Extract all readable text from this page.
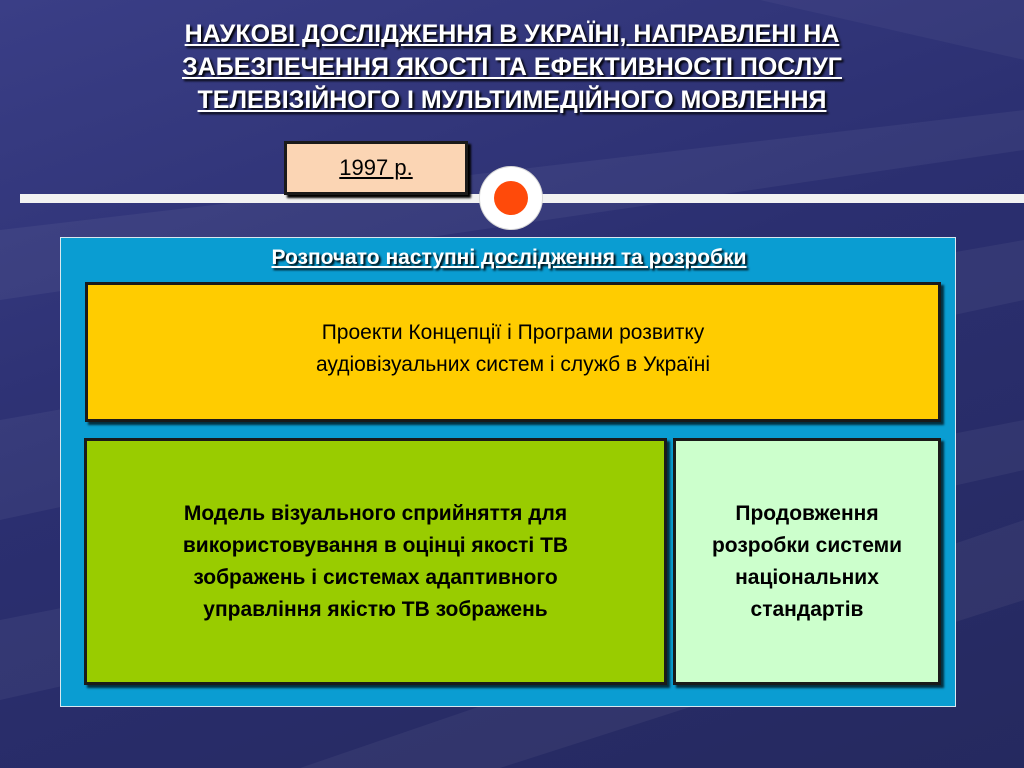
НАУКОВІ ДОСЛІДЖЕННЯ В УКРАЇНІ, НАПРАВЛЕНІ НА
ЗАБЕЗПЕЧЕННЯ ЯКОСТІ ТА ЕФЕКТИВНОСТІ ПОСЛУГ
ТЕЛЕВІЗІЙНОГО І МУЛЬТИМЕДІЙНОГО МОВЛЕННЯ
1997 р.
Розпочато наступні дослідження та розробки
Проекти Концепції і Програми розвитку
аудіовізуальних систем і служб в Україні
Модель візуального сприйняття для
використовування в оцінці якості ТВ
зображень і системах адаптивного
управління якістю ТВ зображень
Продовження
розробки системи
національних
стандартів
